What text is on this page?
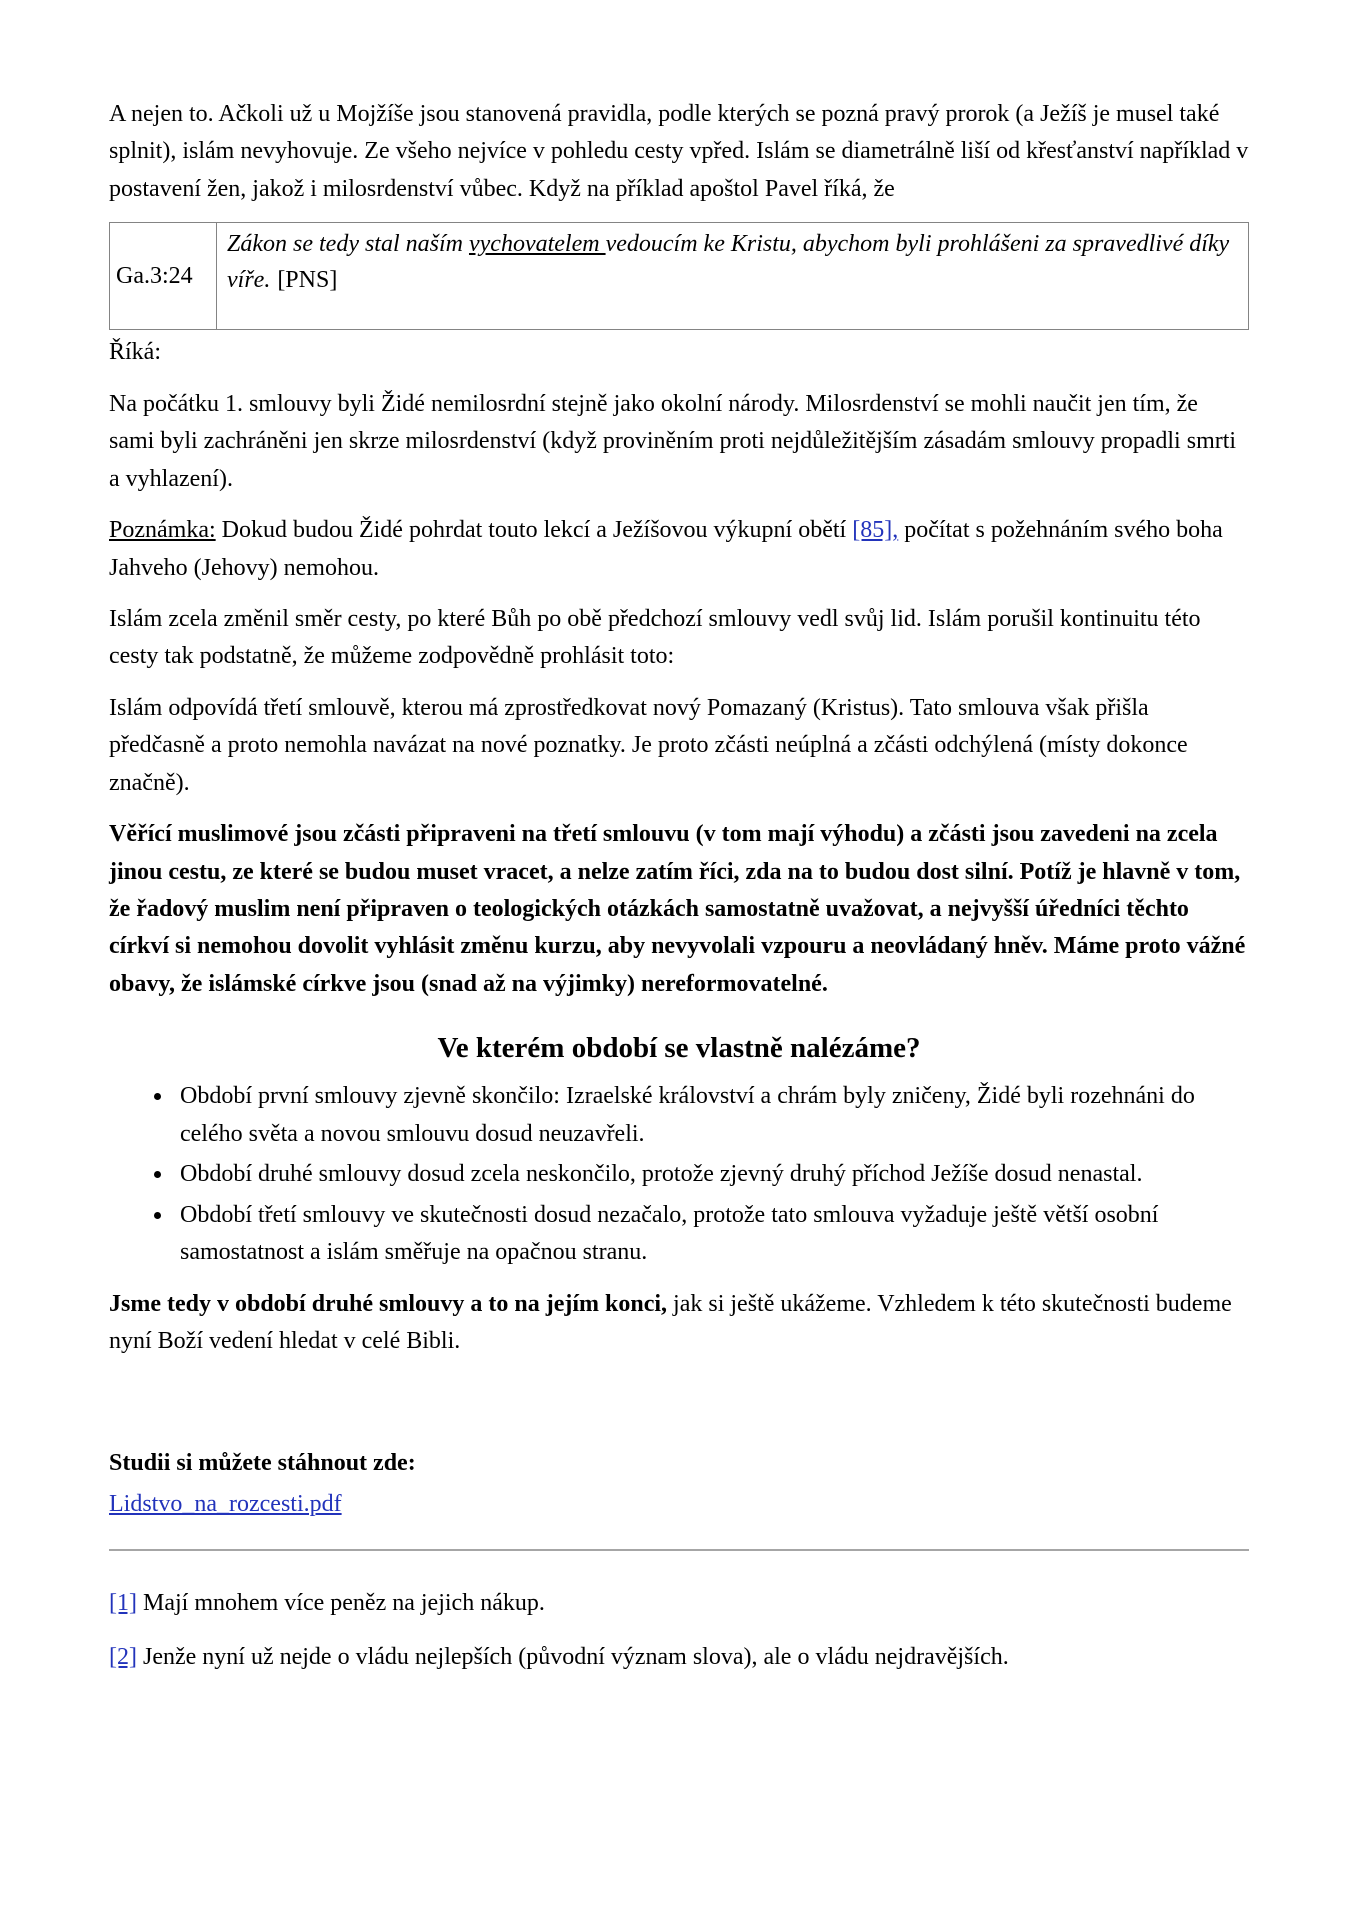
A nejen to. Ačkoli už u Mojžíše jsou stanovená pravidla, podle kterých se pozná pravý prorok (a Ježíš je musel také splnit), islám nevyhovuje. Ze všeho nejvíce v pohledu cesty vpřed. Islám se diametrálně liší od křesťanství například v postavení žen, jakož i milosrdenství vůbec. Když na příklad apoštol Pavel říká, že

Ga.3:24	Zákon se tedy stal naším vychovatelem vedoucím ke Kristu, abychom byli prohlášeni za spravedlivé díky víře. [PNS]

Říká:

Na počátku 1. smlouvy byli Židé nemilosrdní stejně jako okolní národy. Milosrdenství se mohli naučit jen tím, že sami byli zachráněni jen skrze milosrdenství (když proviněním proti nejdůležitějším zásadám smlouvy propadli smrti a vyhlazení).

Poznámka: Dokud budou Židé pohrdat touto lekcí a Ježíšovou výkupní obětí [85], počítat s požehnáním svého boha Jahveho (Jehovy) nemohou.

Islám zcela změnil směr cesty, po které Bůh po obě předchozí smlouvy vedl svůj lid. Islám porušil kontinuitu této cesty tak podstatně, že můžeme zodpovědně prohlásit toto:

Islám odpovídá třetí smlouvě, kterou má zprostředkovat nový Pomazaný (Kristus). Tato smlouva však přišla předčasně a proto nemohla navázat na nové poznatky. Je proto zčásti neúplná a zčásti odchýlená (místy dokonce značně).

Věřící muslimové jsou zčásti připraveni na třetí smlouvu (v tom mají výhodu) a zčásti jsou zavedeni na zcela jinou cestu, ze které se budou muset vracet, a nelze zatím říci, zda na to budou dost silní. Potíž je hlavně v tom, že řadový muslim není připraven o teologických otázkách samostatně uvažovat, a nejvyšší úředníci těchto církví si nemohou dovolit vyhlásit změnu kurzu, aby nevyvolali vzpouru a neovládaný hněv. Máme proto vážné obavy, že islámské církve jsou (snad až na výjimky) nereformovatelné.

Ve kterém období se vlastně nalézáme?
• Období první smlouvy zjevně skončilo: Izraelské království a chrám byly zničeny, Židé byli rozehnáni do celého světa a novou smlouvu dosud neuzavřeli.
• Období druhé smlouvy dosud zcela neskončilo, protože zjevný druhý příchod Ježíše dosud nenastal.
• Období třetí smlouvy ve skutečnosti dosud nezačalo, protože tato smlouva vyžaduje ještě větší osobní samostatnost a islám směřuje na opačnou stranu.

Jsme tedy v období druhé smlouvy a to na jejím konci, jak si ještě ukážeme. Vzhledem k této skutečnosti budeme nyní Boží vedení hledat v celé Bibli.

Studii si můžete stáhnout zde:

Lidstvo_na_rozcesti.pdf

[1] Mají mnohem více peněz na jejich nákup.

[2] Jenže nyní už nejde o vládu nejlepších (původní význam slova), ale o vládu nejdravějších.
